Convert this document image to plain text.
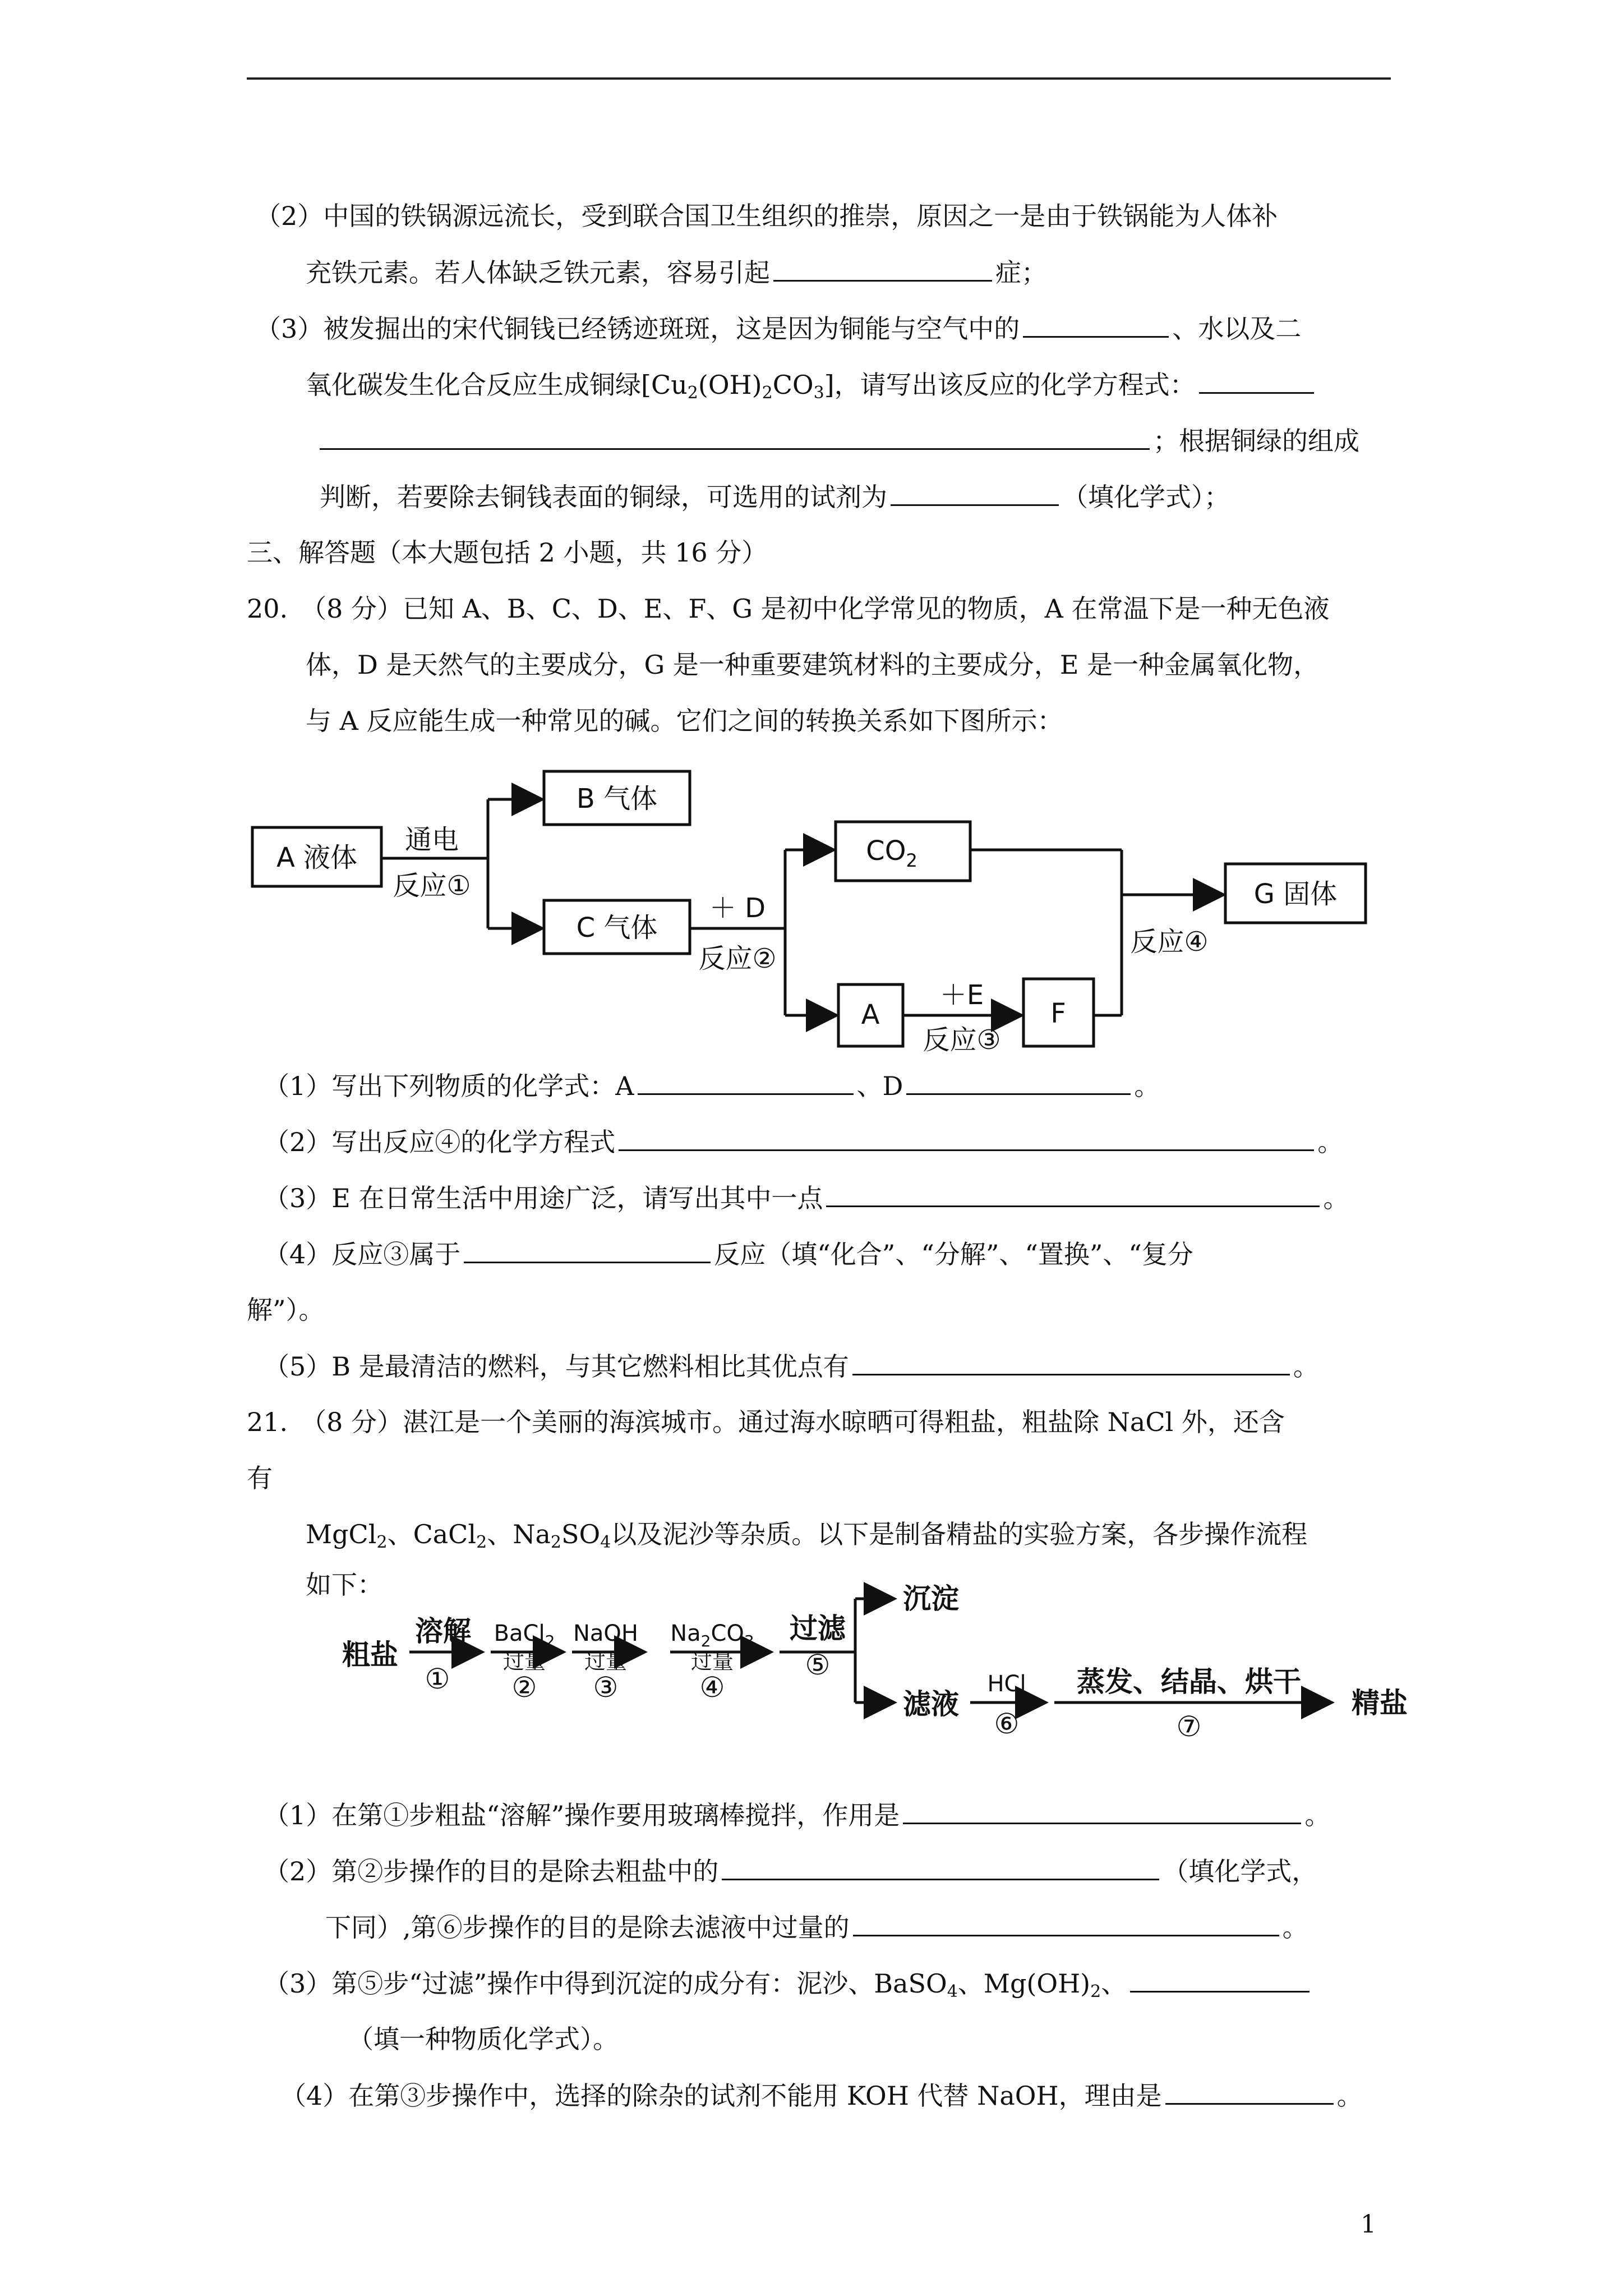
（2）中国的铁锅源远流长，受到联合国卫生组织的推崇，原因之一是由于铁锅能为人体补
充铁元素。若人体缺乏铁元素，容易引起	症；
（3）被发掘出的宋代铜钱已经锈迹斑斑，这是因为铜能与空气中的	、水以及二
氧化碳发生化合反应生成铜绿$[Cu_2(OH)_2CO_3]$，请写出该反应的化学方程式：
；根据铜绿的组成
判断，若要除去铜钱表面的铜绿，可选用的试剂为	（填化学式）；
三、解答题（本大题包括 2 小题，共 16 分）
20.　（8 分）已知 A、B、C、D、E、F、G 是初中化学常见的物质，A 在常温下是一种无色液
体，D 是天然气的主要成分，G 是一种重要建筑材料的主要成分，E 是一种金属氧化物，
与 A 反应能生成一种常见的碱。它们之间的转换关系如下图所示：
A 液体
B 气体
C 气体
$CO_2$
G 固体
A	F
通电
反应①
＋ D
反应②
＋E
反应③
反应④
（1）写出下列物质的化学式：A	、D	。
（2）写出反应④的化学方程式	。
（3）E 在日常生活中用途广泛，请写出其中一点	。
（4）反应③属于	反应（填“化合”、“分解”、“置换”、“复分
解”）。
（5）B 是最清洁的燃料，与其它燃料相比其优点有	。
21.　（8 分）湛江是一个美丽的海滨城市。通过海水晾晒可得粗盐，粗盐除 NaCl 外，还含
有
MgCl$_2$、CaCl$_2$、$Na_2SO_4$以及泥沙等杂质。以下是制备精盐的实验方案，各步操作流程
如下：
粗盐
溶解
①
BaCl$_2$
过量
②
NaOH
过量
③
$Na_2CO_3$
过量
④
过滤
⑤
沉淀
滤液
HCl
⑥
蒸发、结晶、烘干
⑦
精盐
（1）在第①步粗盐“溶解”操作要用玻璃棒搅拌，作用是	。
（2）第②步操作的目的是除去粗盐中的	（填化学式，
下同）,第⑥步操作的目的是除去滤液中过量的	。
（3）第⑤步“过滤”操作中得到沉淀的成分有：泥沙、BaSO$_4$、$Mg(OH)_2$、
（填一种物质化学式）。
（4）在第③步操作中，选择的除杂的试剂不能用 KOH 代替 NaOH，理由是	。
1
